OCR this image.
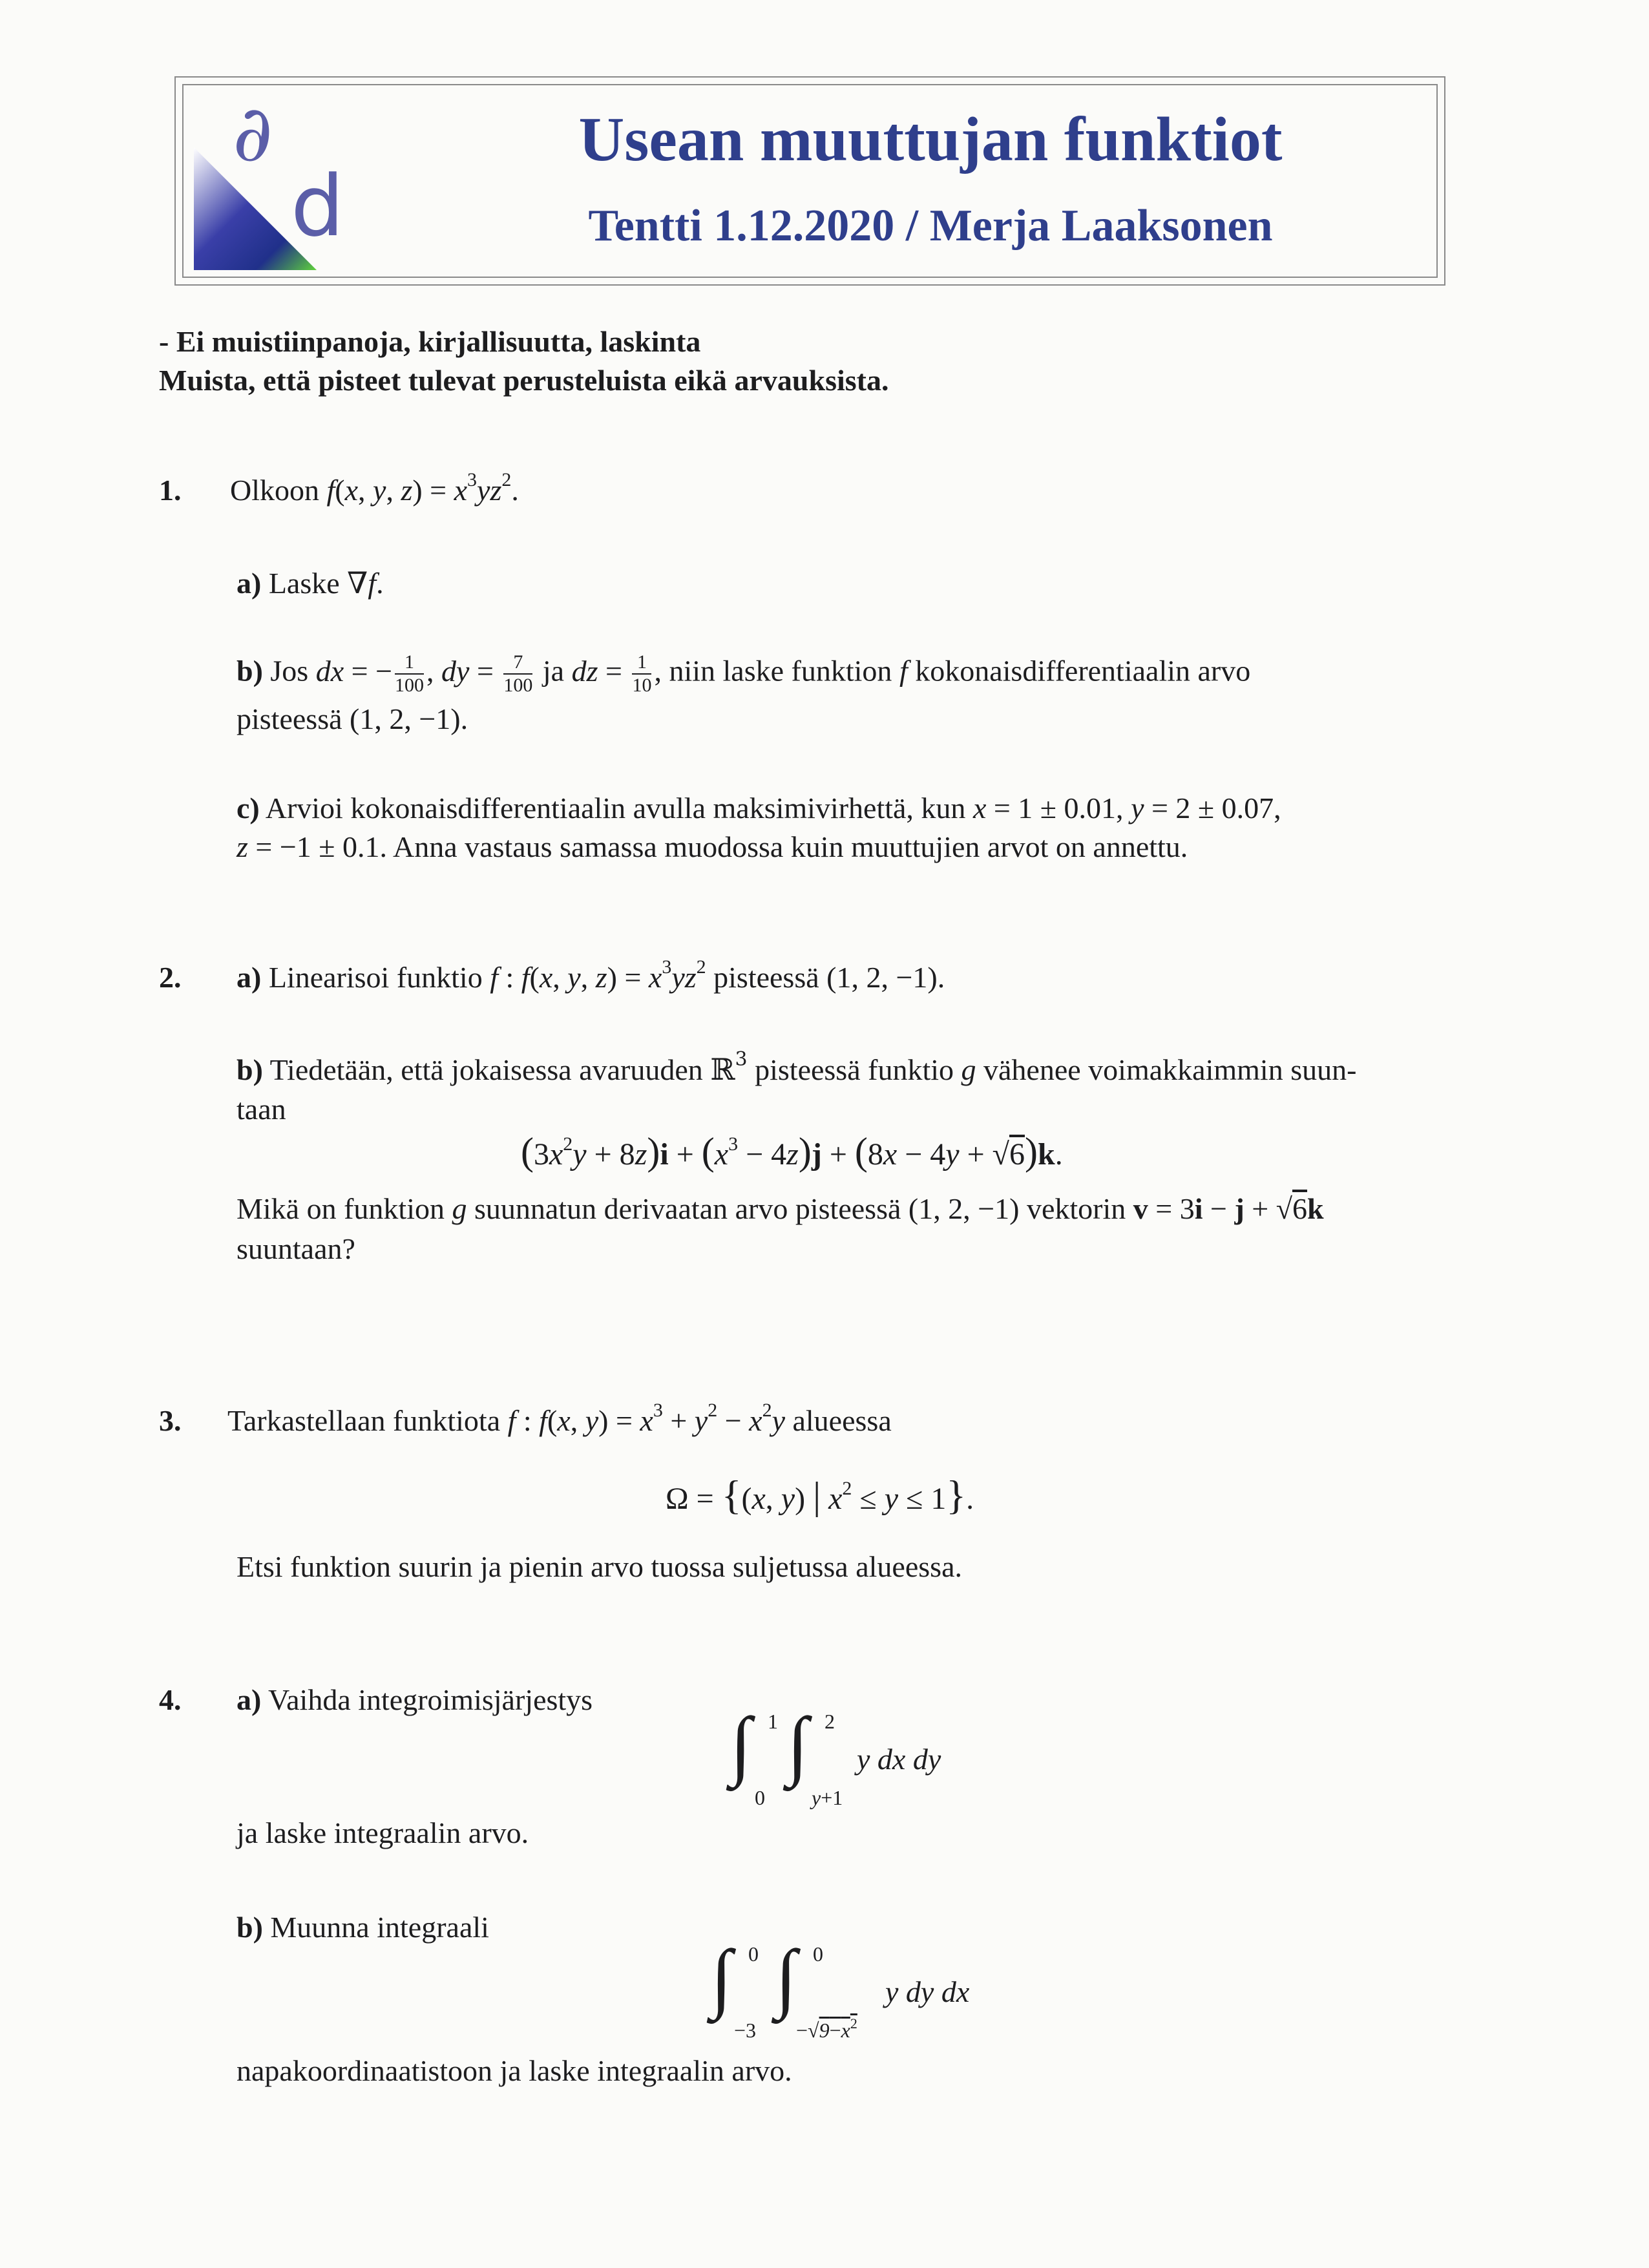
∂
d
Usean muuttujan funktiot
Tentti 1.12.2020 / Merja Laaksonen
- Ei muistiinpanoja, kirjallisuutta, laskinta
Muista, että pisteet tulevat perusteluista eikä arvauksista.
1. Olkoon f(x, y, $z) = x^3yz^2$.
a) Laske ∇f.
b) Jos dx = − $\frac{1}{100}$ , dy = $\frac{7}{100}$ ja dz = $\frac{1}{10}$ , niin laske funktion f kokonaisdifferentiaalin arvo
pisteessä (1, 2, −1).
c) Arvioi kokonaisdifferentiaalin avulla maksimivirhettä, kun x = 1 ± 0.01, y = 2 ± 0.07,
z = −1 ± 0.1. Anna vastaus samassa muodossa kuin muuttujien arvot on annettu.
2. a) Linearisoi funktio f : f(x, y, $z) = x^3yz^2$ pisteessä (1, 2, −1).
b) Tiedetään, että jokaisessa avaruuden ℝ$^3$ pisteessä funktio g vähenee voimakkaimmin suun-
taan
$(3x^2y + 8z)i + (x^3 - 4z)j + (8x - 4y + √6)k$.
Mikä on funktion g suunnatun derivaatan arvo pisteessä (1, 2, −1) vektorin v = 3i − j + √6k
suuntaan?
3. Tarkastellaan funktiota f : f(x, $y) = x^3 + y^2 - x^2y$ alueessa
Ω = {(x, y) | $x^2 \le y \le 1$}.
Etsi funktion suurin ja pienin arvo tuossa suljetussa alueessa.
4. a) Vaihda integroimisjärjestys
∫ 1
0
∫ 2
y+1
y dx dy
ja laske integraalin arvo.
b) Muunna integraali
∫ 0
−3
∫ 0
$-√9-x^2$
y dy dx
napakoordinaatistoon ja laske integraalin arvo.
